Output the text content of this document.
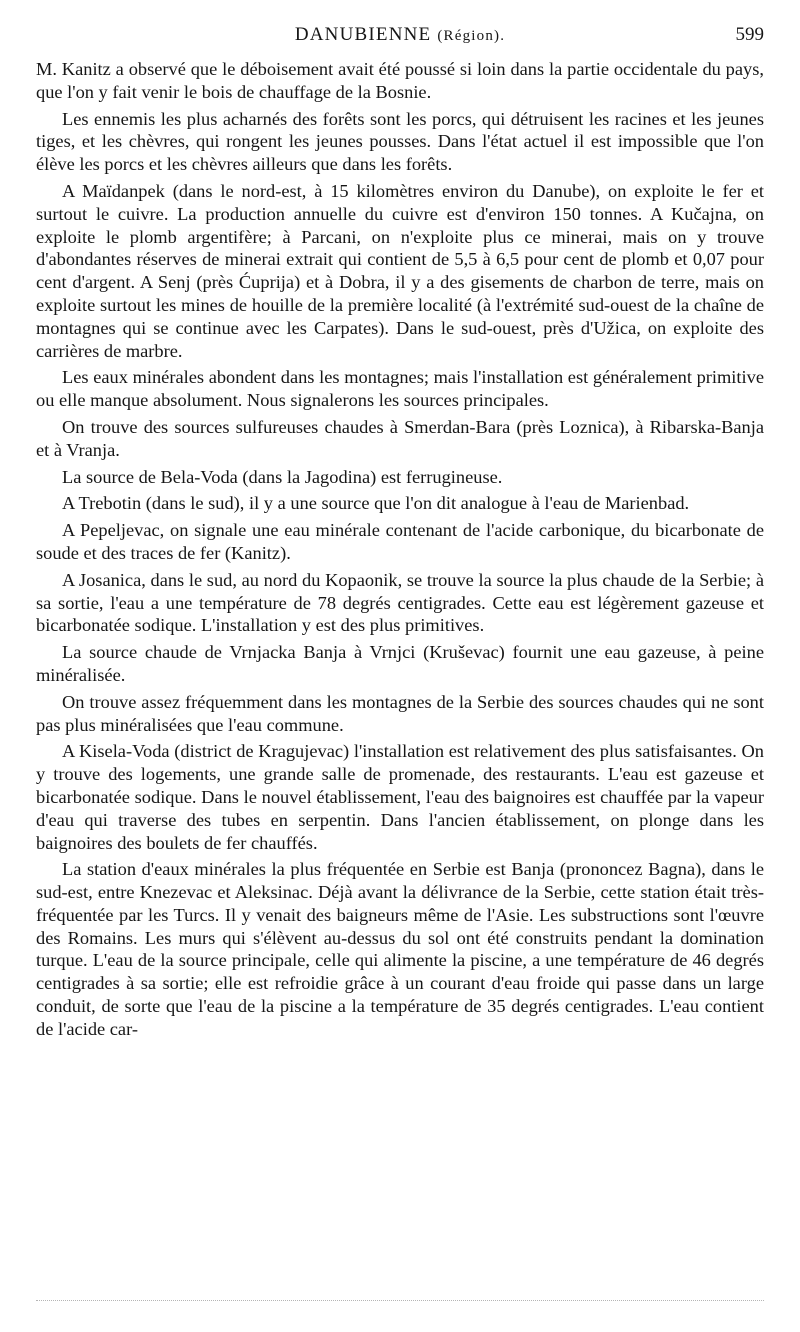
DANUBIENNE (Région).	599

M. Kanitz a observé que le déboisement avait été poussé si loin dans la partie occidentale du pays, que l'on y fait venir le bois de chauffage de la Bosnie.

Les ennemis les plus acharnés des forêts sont les porcs, qui détruisent les racines et les jeunes tiges, et les chèvres, qui rongent les jeunes pousses. Dans l'état actuel il est impossible que l'on élève les porcs et les chèvres ailleurs que dans les forêts.

A Maïdanpek (dans le nord-est, à 15 kilomètres environ du Danube), on exploite le fer et surtout le cuivre. La production annuelle du cuivre est d'environ 150 tonnes. A Kučajna, on exploite le plomb argentifère; à Parcani, on n'exploite plus ce minerai, mais on y trouve d'abondantes réserves de minerai extrait qui contient de 5,5 à 6,5 pour cent de plomb et 0,07 pour cent d'argent. A Senj (près Ćuprija) et à Dobra, il y a des gisements de charbon de terre, mais on exploite surtout les mines de houille de la première localité (à l'extrémité sud-ouest de la chaîne de montagnes qui se continue avec les Carpates). Dans le sud-ouest, près d'Užica, on exploite des carrières de marbre.

Les eaux minérales abondent dans les montagnes; mais l'installation est généralement primitive ou elle manque absolument. Nous signalerons les sources principales.

On trouve des sources sulfureuses chaudes à Smerdan-Bara (près Loznica), à Ribarska-Banja et à Vranja.

La source de Bela-Voda (dans la Jagodina) est ferrugineuse.

A Trebotin (dans le sud), il y a une source que l'on dit analogue à l'eau de Marienbad.

A Pepeljevac, on signale une eau minérale contenant de l'acide carbonique, du bicarbonate de soude et des traces de fer (Kanitz).

A Josanica, dans le sud, au nord du Kopaonik, se trouve la source la plus chaude de la Serbie; à sa sortie, l'eau a une température de 78 degrés centigrades. Cette eau est légèrement gazeuse et bicarbonatée sodique. L'installation y est des plus primitives.

La source chaude de Vrnjacka Banja à Vrnjci (Kruševac) fournit une eau gazeuse, à peine minéralisée.

On trouve assez fréquemment dans les montagnes de la Serbie des sources chaudes qui ne sont pas plus minéralisées que l'eau commune.

A Kisela-Voda (district de Kragujevac) l'installation est relativement des plus satisfaisantes. On y trouve des logements, une grande salle de promenade, des restaurants. L'eau est gazeuse et bicarbonatée sodique. Dans le nouvel établissement, l'eau des baignoires est chauffée par la vapeur d'eau qui traverse des tubes en serpentin. Dans l'ancien établissement, on plonge dans les baignoires des boulets de fer chauffés.

La station d'eaux minérales la plus fréquentée en Serbie est Banja (prononcez Bagna), dans le sud-est, entre Knezevac et Aleksinac. Déjà avant la délivrance de la Serbie, cette station était très-fréquentée par les Turcs. Il y venait des baigneurs même de l'Asie. Les substructions sont l'œuvre des Romains. Les murs qui s'élèvent au-dessus du sol ont été construits pendant la domination turque. L'eau de la source principale, celle qui alimente la piscine, a une température de 46 degrés centigrades à sa sortie; elle est refroidie grâce à un courant d'eau froide qui passe dans un large conduit, de sorte que l'eau de la piscine a la température de 35 degrés centigrades. L'eau contient de l'acide car-
